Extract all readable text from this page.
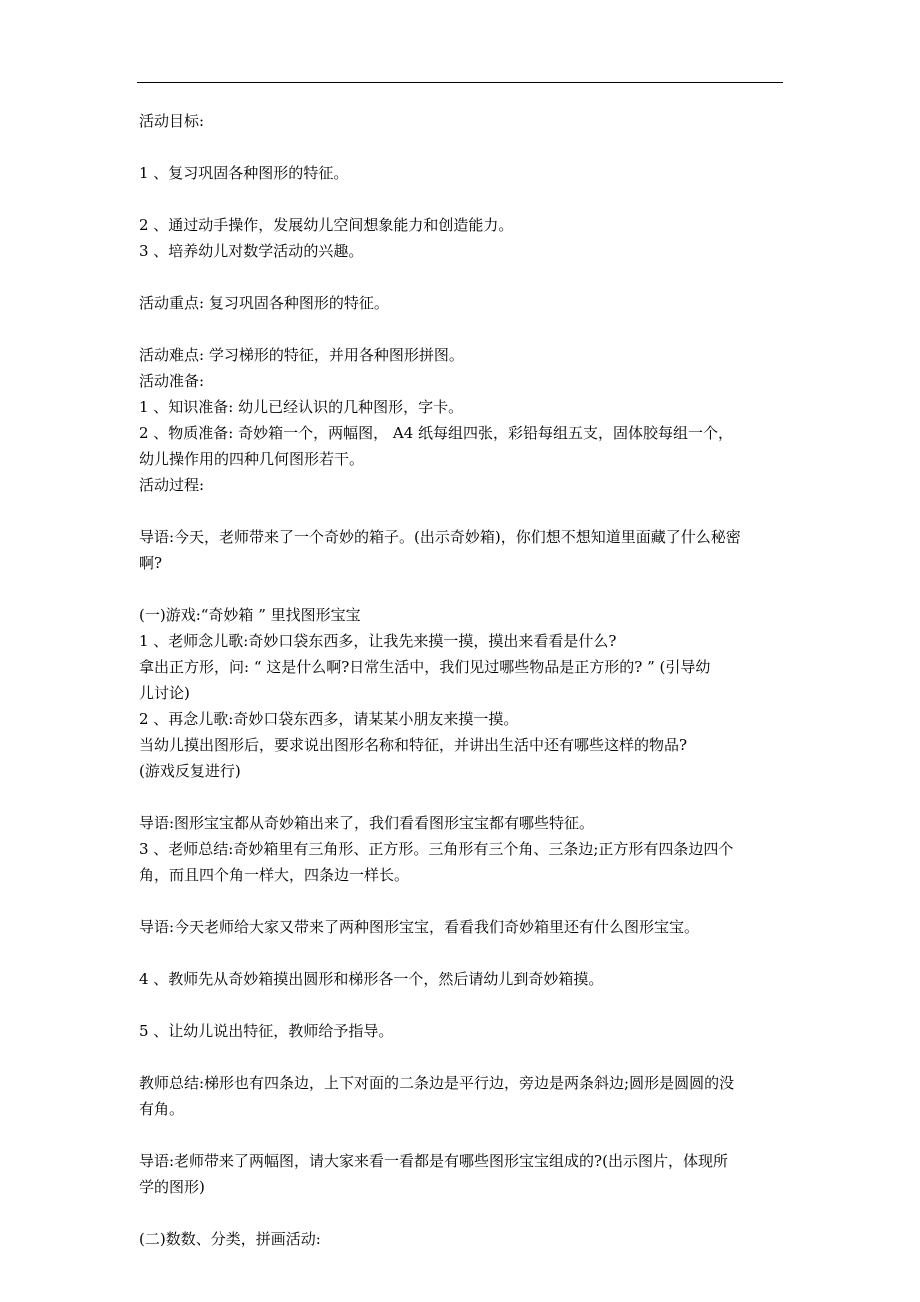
活动目标:
1 、复习巩固各种图形的特征。
2 、通过动手操作，发展幼儿空间想象能力和创造能力。
3 、培养幼儿对数学活动的兴趣。
活动重点: 复习巩固各种图形的特征。
活动难点: 学习梯形的特征，并用各种图形拼图。
活动准备:
1 、知识准备: 幼儿已经认识的几种图形，字卡。
2 、物质准备: 奇妙箱一个，两幅图， A4 纸每组四张，彩铅每组五支，固体胶每组一个，
幼儿操作用的四种几何图形若干。
活动过程:
导语:今天，老师带来了一个奇妙的箱子。(出示奇妙箱)，你们想不想知道里面藏了什么秘密
啊?
(一)游戏:“奇妙箱 ” 里找图形宝宝
1 、老师念儿歌:奇妙口袋东西多，让我先来摸一摸，摸出来看看是什么?
拿出正方形，问: “ 这是什么啊?日常生活中，我们见过哪些物品是正方形的? ” (引导幼
儿讨论)
2 、再念儿歌:奇妙口袋东西多，请某某小朋友来摸一摸。
当幼儿摸出图形后，要求说出图形名称和特征，并讲出生活中还有哪些这样的物品?
(游戏反复进行)
导语:图形宝宝都从奇妙箱出来了，我们看看图形宝宝都有哪些特征。
3 、老师总结:奇妙箱里有三角形、正方形。三角形有三个角、三条边;正方形有四条边四个
角，而且四个角一样大，四条边一样长。
导语:今天老师给大家又带来了两种图形宝宝，看看我们奇妙箱里还有什么图形宝宝。
4 、教师先从奇妙箱摸出圆形和梯形各一个，然后请幼儿到奇妙箱摸。
5 、让幼儿说出特征，教师给予指导。
教师总结:梯形也有四条边，上下对面的二条边是平行边，旁边是两条斜边;圆形是圆圆的没
有角。
导语:老师带来了两幅图，请大家来看一看都是有哪些图形宝宝组成的?(出示图片，体现所
学的图形)
(二)数数、分类，拼画活动:
